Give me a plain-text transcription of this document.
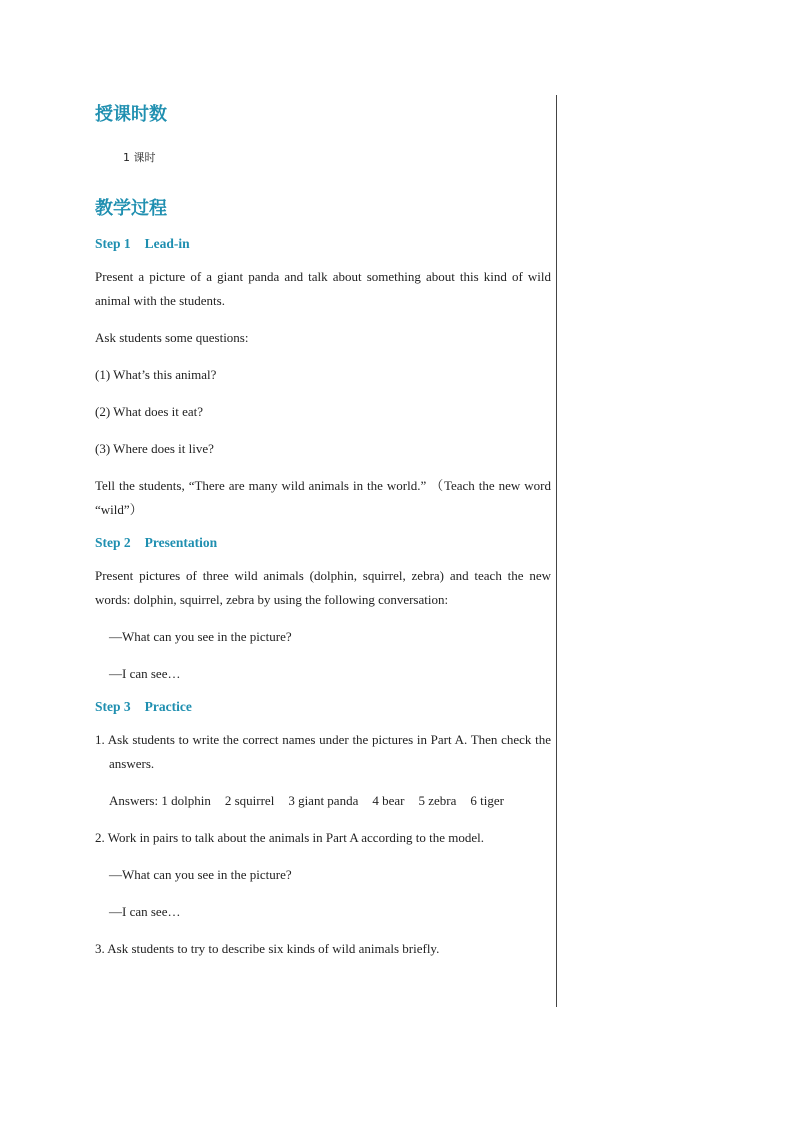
授课时数

1 课时

教学过程
Step 1 Lead-in

Present a picture of a giant panda and talk about something about this kind of wild animal with the students.

Ask students some questions:

(1) What’s this animal?

(2) What does it eat?

(3) Where does it live?

Tell the students, “There are many wild animals in the world.” （Teach the new word “wild”）

Step 2 Presentation

Present pictures of three wild animals (dolphin, squirrel, zebra) and teach the new words: dolphin, squirrel, zebra by using the following conversation:

—What can you see in the picture?

—I can see…

Step 3 Practice

1. Ask students to write the correct names under the pictures in Part A. Then check the answers.

Answers: 1 dolphin 2 squirrel 3 giant panda 4 bear 5 zebra 6 tiger

2. Work in pairs to talk about the animals in Part A according to the model.

—What can you see in the picture?

—I can see…

3. Ask students to try to describe six kinds of wild animals briefly.
